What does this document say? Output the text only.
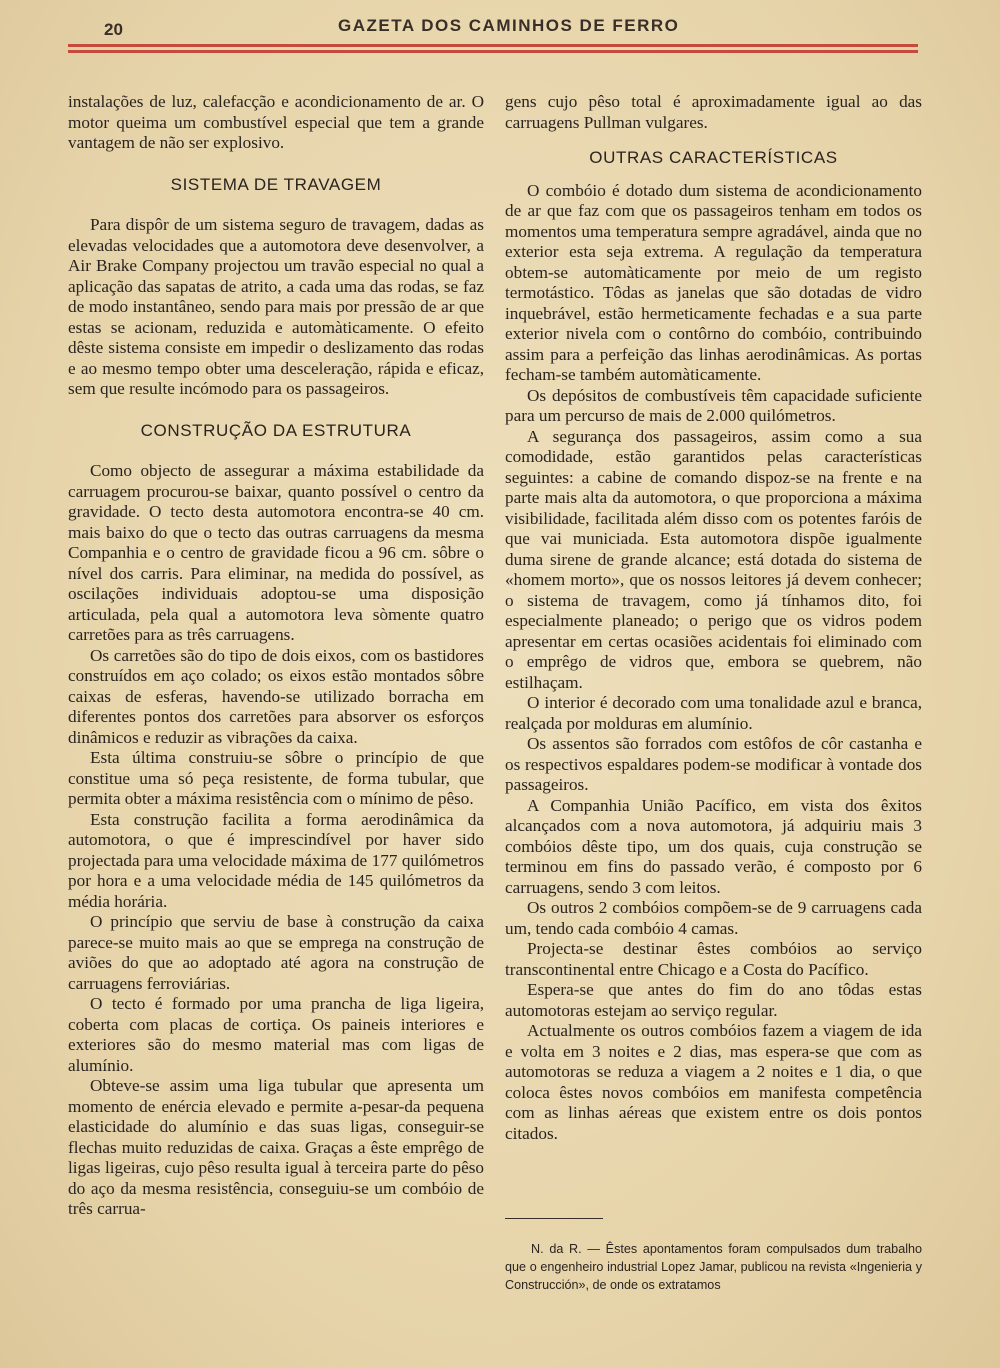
20	GAZETA DOS CAMINHOS DE FERRO

instalações de luz, calefacção e acondicionamento de ar. O motor queima um combustível especial que tem a grande vantagem de não ser explosivo.

SISTEMA DE TRAVAGEM

Para dispôr de um sistema seguro de travagem, dadas as elevadas velocidades que a automotora deve desenvolver, a Air Brake Company projectou um travão especial no qual a aplicação das sapatas de atrito, a cada uma das rodas, se faz de modo instantâneo, sendo para mais por pressão de ar que estas se acionam, reduzida e automàticamente. O efeito dêste sistema consiste em impedir o deslizamento das rodas e ao mesmo tempo obter uma desceleração, rápida e eficaz, sem que resulte incómodo para os passageiros.

CONSTRUÇÃO DA ESTRUTURA

Como objecto de assegurar a máxima estabilidade da carruagem procurou-se baixar, quanto possível o centro da gravidade. O tecto desta automotora encontra-se 40 cm. mais baixo do que o tecto das outras carruagens da mesma Companhia e o centro de gravidade ficou a 96 cm. sôbre o nível dos carris. Para eliminar, na medida do possível, as oscilações individuais adoptou-se uma disposição articulada, pela qual a automotora leva sòmente quatro carretões para as três carruagens.

Os carretões são do tipo de dois eixos, com os bastidores construídos em aço colado; os eixos estão montados sôbre caixas de esferas, havendo-se utilizado borracha em diferentes pontos dos carretões para absorver os esforços dinâmicos e reduzir as vibrações da caixa.

Esta última construiu-se sôbre o princípio de que constitue uma só peça resistente, de forma tubular, que permita obter a máxima resistência com o mínimo de pêso.

Esta construção facilita a forma aerodinâmica da automotora, o que é imprescindível por haver sido projectada para uma velocidade máxima de 177 quilómetros por hora e a uma velocidade média de 145 quilómetros da média horária.

O princípio que serviu de base à construção da caixa parece-se muito mais ao que se emprega na construção de aviões do que ao adoptado até agora na construção de carruagens ferroviárias.

O tecto é formado por uma prancha de liga ligeira, coberta com placas de cortiça. Os paineis interiores e exteriores são do mesmo material mas com ligas de alumínio.

Obteve-se assim uma liga tubular que apresenta um momento de enércia elevado e permite a-pesar-da pequena elasticidade do alumínio e das suas ligas, conseguir-se flechas muito reduzidas de caixa. Graças a êste emprêgo de ligas ligeiras, cujo pêso resulta igual à terceira parte do pêso do aço da mesma resistência, conseguiu-se um combóio de três carrua-

gens cujo pêso total é aproximadamente igual ao das carruagens Pullman vulgares.

OUTRAS CARACTERÍSTICAS

O combóio é dotado dum sistema de acondicionamento de ar que faz com que os passageiros tenham em todos os momentos uma temperatura sempre agradável, ainda que no exterior esta seja extrema. A regulação da temperatura obtem-se automàticamente por meio de um registo termotástico. Tôdas as janelas que são dotadas de vidro inquebrável, estão hermeticamente fechadas e a sua parte exterior nivela com o contôrno do combóio, contribuindo assim para a perfeição das linhas aerodinâmicas. As portas fecham-se também automàticamente.

Os depósitos de combustíveis têm capacidade suficiente para um percurso de mais de 2.000 quilómetros.

A segurança dos passageiros, assim como a sua comodidade, estão garantidos pelas características seguintes: a cabine de comando dispoz-se na frente e na parte mais alta da automotora, o que proporciona a máxima visibilidade, facilitada além disso com os potentes faróis de que vai municiada. Esta automotora dispõe igualmente duma sirene de grande alcance; está dotada do sistema de «homem morto», que os nossos leitores já devem conhecer; o sistema de travagem, como já tínhamos dito, foi especialmente planeado; o perigo que os vidros podem apresentar em certas ocasiões acidentais foi eliminado com o emprêgo de vidros que, embora se quebrem, não estilhaçam.

O interior é decorado com uma tonalidade azul e branca, realçada por molduras em alumínio.

Os assentos são forrados com estôfos de côr castanha e os respectivos espaldares podem-se modificar à vontade dos passageiros.

A Companhia União Pacífico, em vista dos êxitos alcançados com a nova automotora, já adquiriu mais 3 combóios dêste tipo, um dos quais, cuja construção se terminou em fins do passado verão, é composto por 6 carruagens, sendo 3 com leitos.

Os outros 2 combóios compõem-se de 9 carruagens cada um, tendo cada combóio 4 camas.

Projecta-se destinar êstes combóios ao serviço transcontinental entre Chicago e a Costa do Pacífico.

Espera-se que antes do fim do ano tôdas estas automotoras estejam ao serviço regular.

Actualmente os outros combóios fazem a viagem de ida e volta em 3 noites e 2 dias, mas espera-se que com as automotoras se reduza a viagem a 2 noites e 1 dia, o que coloca êstes novos combóios em manifesta competência com as linhas aéreas que existem entre os dois pontos citados.

N. da R. — Êstes apontamentos foram compulsados dum trabalho que o engenheiro industrial Lopez Jamar, publicou na revista «Ingenieria y Construcción», de onde os extratamos
